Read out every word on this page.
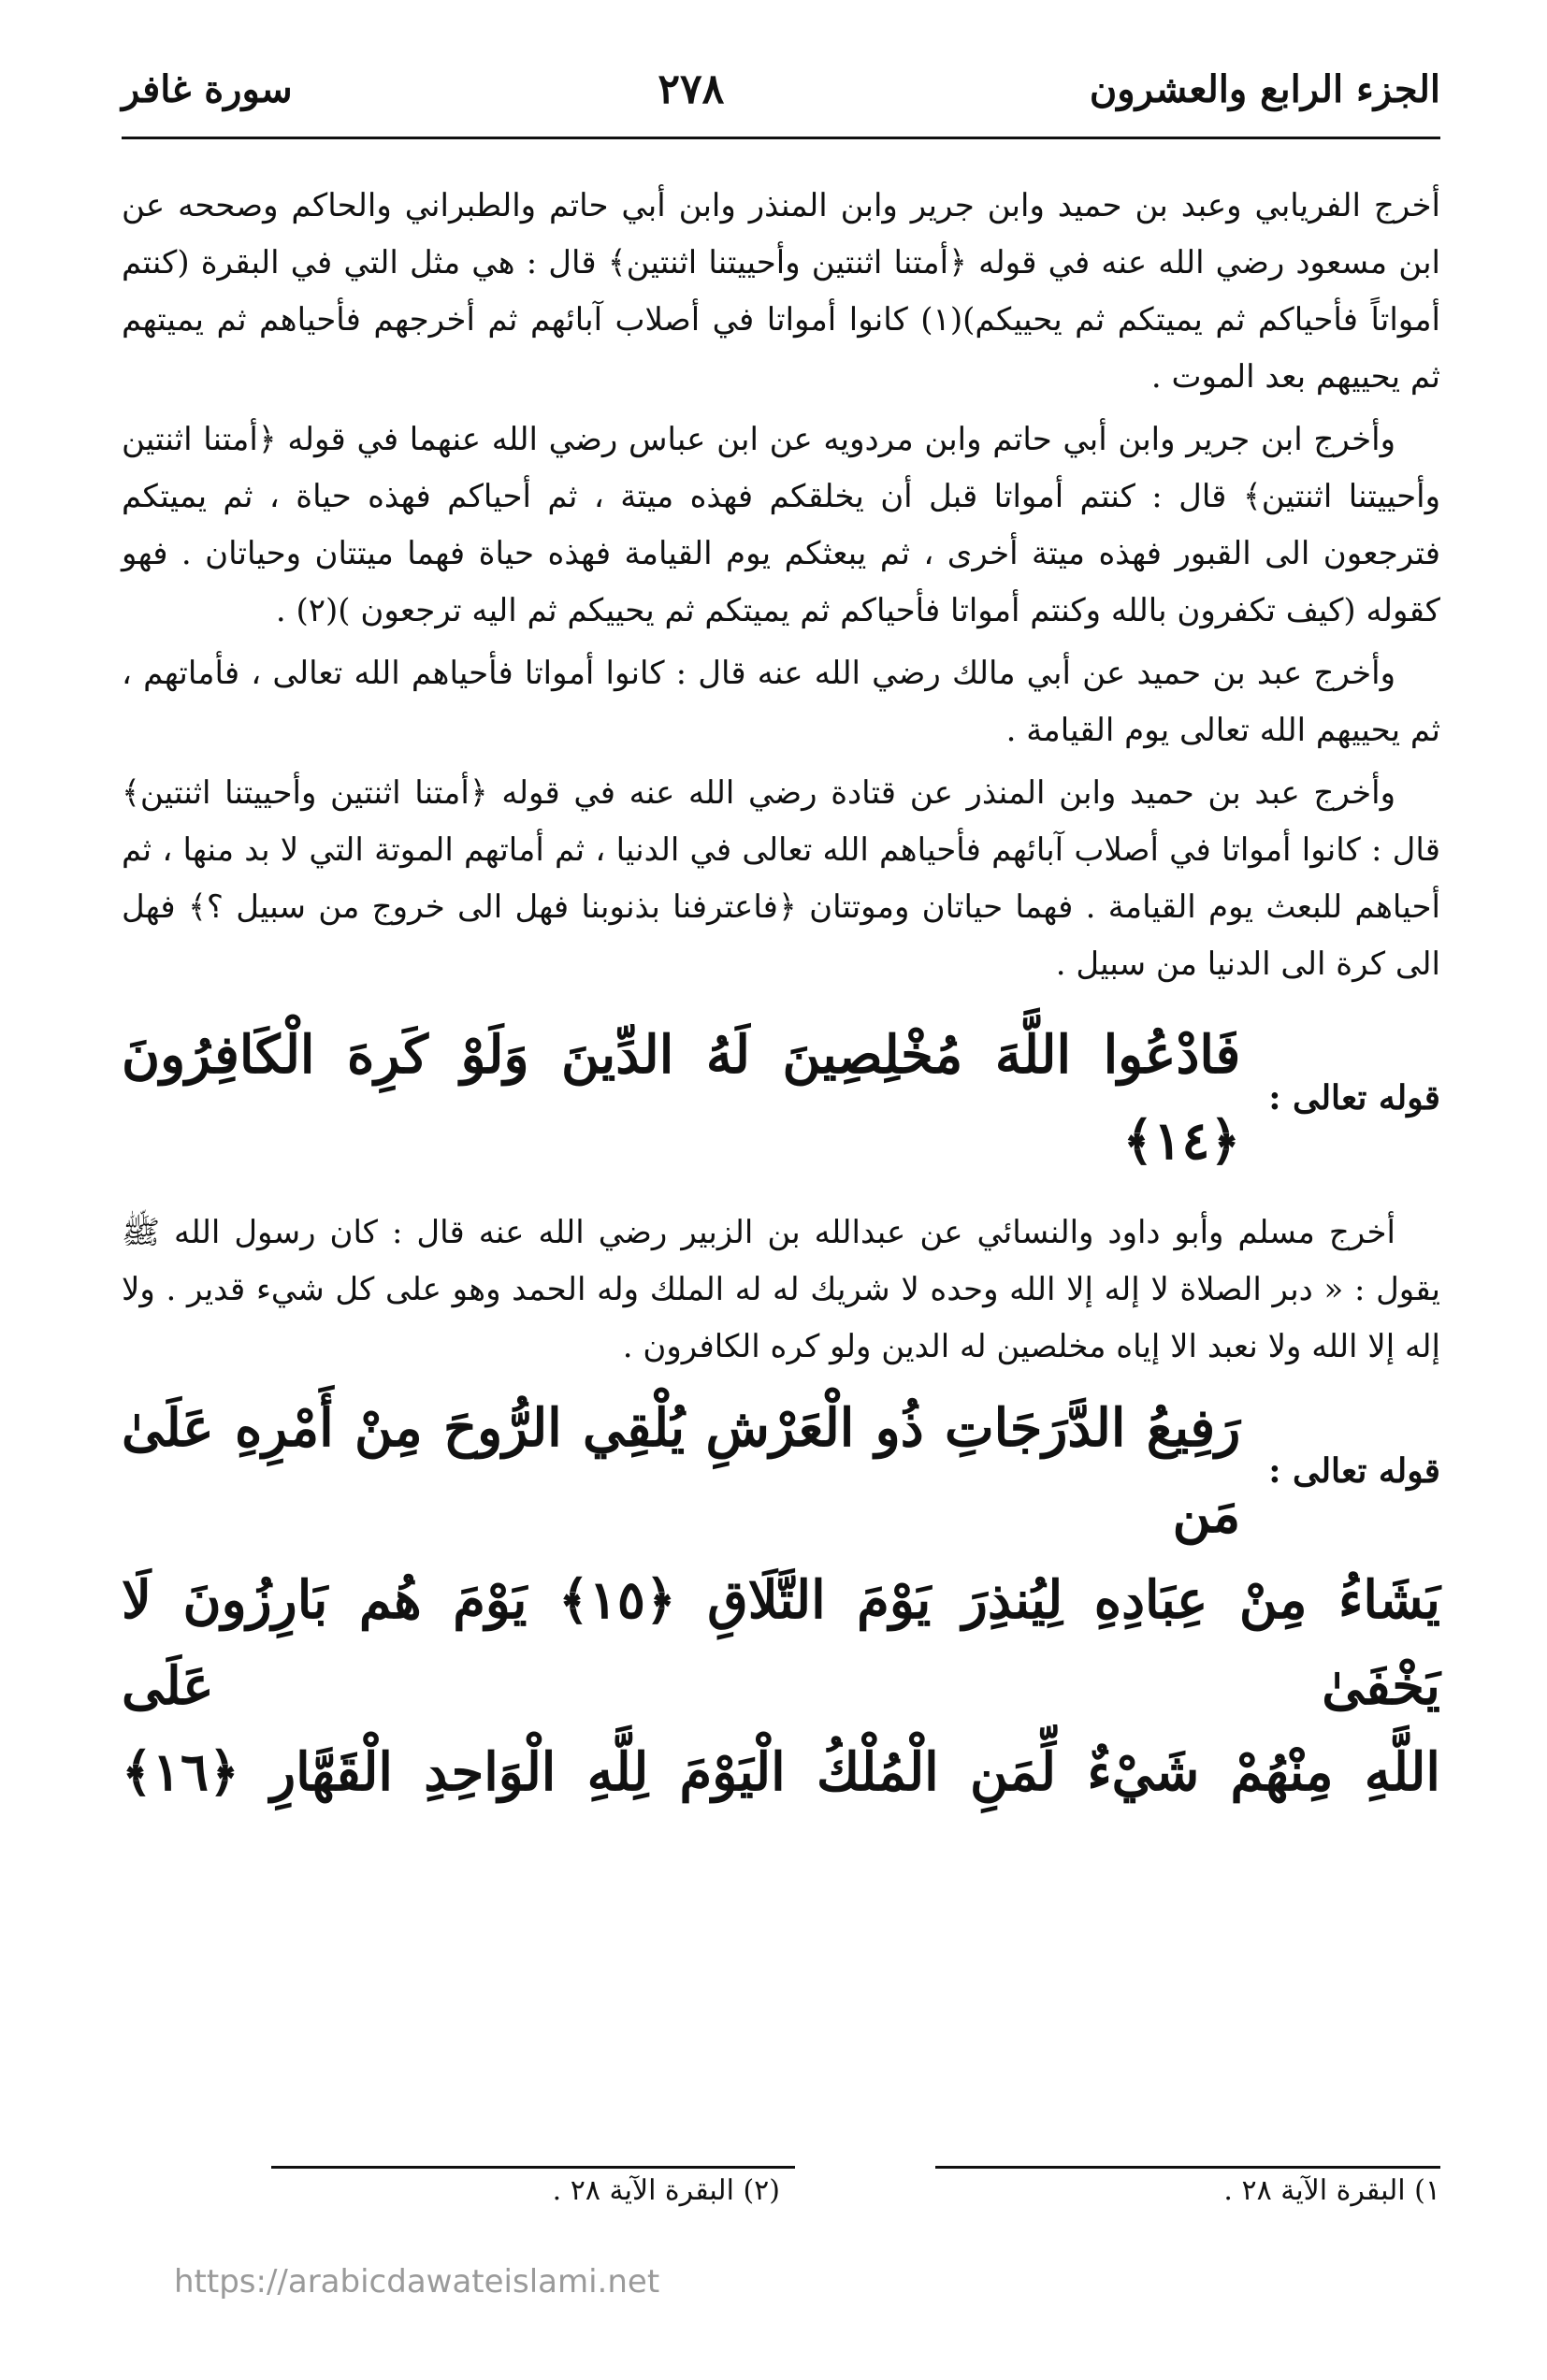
الجزء الرابع والعشرون
٢٧٨
سورة غافر

أخرج الفريابي وعبد بن حميد وابن جرير وابن المنذر وابن أبي حاتم والطبراني والحاكم وصححه عن ابن مسعود رضي الله عنه في قوله ﴿أمتنا اثنتين وأحييتنا اثنتين﴾ قال : هي مثل التي في البقرة (كنتم أمواتاً فأحياكم ثم يميتكم ثم يحييكم)(١) كانوا أمواتا في أصلاب آبائهم ثم أخرجهم فأحياهم ثم يميتهم ثم يحييهم بعد الموت .

وأخرج ابن جرير وابن أبي حاتم وابن مردويه عن ابن عباس رضي الله عنهما في قوله ﴿أمتنا اثنتين وأحييتنا اثنتين﴾ قال : كنتم أمواتا قبل أن يخلقكم فهذه ميتة ، ثم أحياكم فهذه حياة ، ثم يميتكم فترجعون الى القبور فهذه ميتة أخرى ، ثم يبعثكم يوم القيامة فهذه حياة فهما ميتتان وحياتان . فهو كقوله (كيف تكفرون بالله وكنتم أمواتا فأحياكم ثم يميتكم ثم يحييكم ثم اليه ترجعون )(٢) .

وأخرج عبد بن حميد عن أبي مالك رضي الله عنه قال : كانوا أمواتا فأحياهم الله تعالى ، فأماتهم ، ثم يحييهم الله تعالى يوم القيامة .

وأخرج عبد بن حميد وابن المنذر عن قتادة رضي الله عنه في قوله ﴿أمتنا اثنتين وأحييتنا اثنتين﴾ قال : كانوا أمواتا في أصلاب آبائهم فأحياهم الله تعالى في الدنيا ، ثم أماتهم الموتة التي لا بد منها ، ثم أحياهم للبعث يوم القيامة . فهما حياتان وموتتان ﴿فاعترفنا بذنوبنا فهل الى خروج من سبيل ؟﴾ فهل الى كرة الى الدنيا من سبيل .

قوله تعالى :
فَادْعُوا اللَّهَ مُخْلِصِينَ لَهُ الدِّينَ وَلَوْ كَرِهَ الْكَافِرُونَ ﴿١٤﴾

أخرج مسلم وأبو داود والنسائي عن عبدالله بن الزبير رضي الله عنه قال : كان رسول الله ﷺ يقول : « دبر الصلاة لا إله إلا الله وحده لا شريك له له الملك وله الحمد وهو على كل شيء قدير . ولا إله إلا الله ولا نعبد الا إياه مخلصين له الدين ولو كره الكافرون .

قوله تعالى :
رَفِيعُ الدَّرَجَاتِ ذُو الْعَرْشِ يُلْقِي الرُّوحَ مِنْ أَمْرِهِ عَلَىٰ مَن
يَشَاءُ مِنْ عِبَادِهِ لِيُنذِرَ يَوْمَ التَّلَاقِ ﴿١٥﴾ يَوْمَ هُم بَارِزُونَ لَا يَخْفَىٰ عَلَى
اللَّهِ مِنْهُمْ شَيْءٌ لِّمَنِ الْمُلْكُ الْيَوْمَ لِلَّهِ الْوَاحِدِ الْقَهَّارِ ﴿١٦﴾
١) البقرة الآية ٢٨ .
(٢) البقرة الآية ٢٨ .
https://arabicdawateislami.net
